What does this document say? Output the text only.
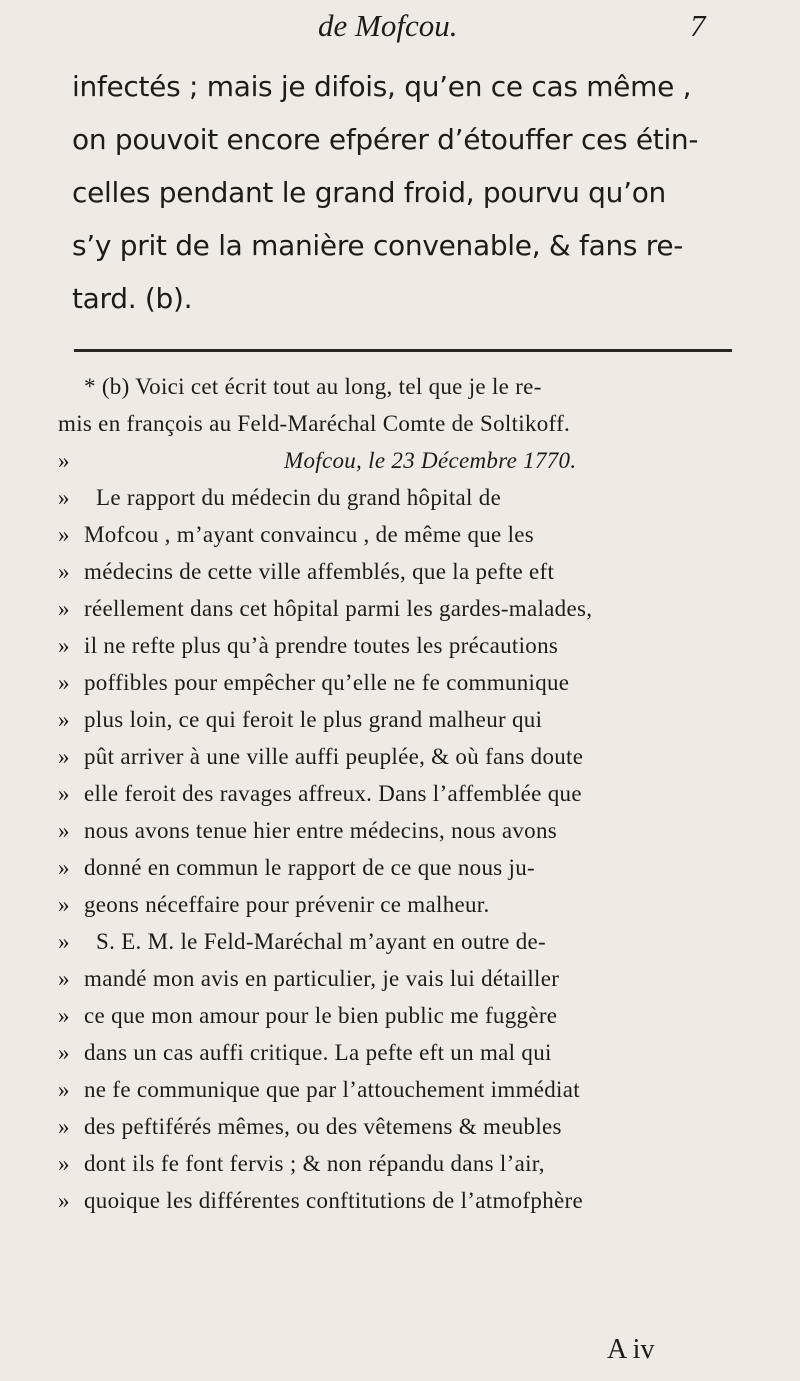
de Mofcou.	7
infectés ; mais je difois, qu’en ce cas même ,
on pouvoit encore efpérer d’étouffer ces étin-
celles pendant le grand froid, pourvu qu’on
s’y prit de la manière convenable, & fans re-
tard. (b).
* (b) Voici cet écrit tout au long, tel que je le re-
mis en françois au Feld-Maréchal Comte de Soltikoff.
»	Mofcou, le 23 Décembre 1770.
» Le rapport du médecin du grand hôpital de
» Mofcou , m’ayant convaincu , de même que les
» médecins de cette ville affemblés, que la pefte eft
» réellement dans cet hôpital parmi les gardes-malades,
» il ne refte plus qu’à prendre toutes les précautions
» poffibles pour empêcher qu’elle ne fe communique
» plus loin, ce qui feroit le plus grand malheur qui
» pût arriver à une ville auffi peuplée, & où fans doute
» elle feroit des ravages affreux. Dans l’affemblée que
» nous avons tenue hier entre médecins, nous avons
» donné en commun le rapport de ce que nous ju-
» geons néceffaire pour prévenir ce malheur.
» S. E. M. le Feld-Maréchal m’ayant en outre de-
» mandé mon avis en particulier, je vais lui détailler
» ce que mon amour pour le bien public me fuggère
» dans un cas auffi critique. La pefte eft un mal qui
» ne fe communique que par l’attouchement immédiat
» des peftiférés mêmes, ou des vêtemens & meubles
» dont ils fe font fervis ; & non répandu dans l’air,
» quoique les différentes conftitutions de l’atmofphère
A iv
